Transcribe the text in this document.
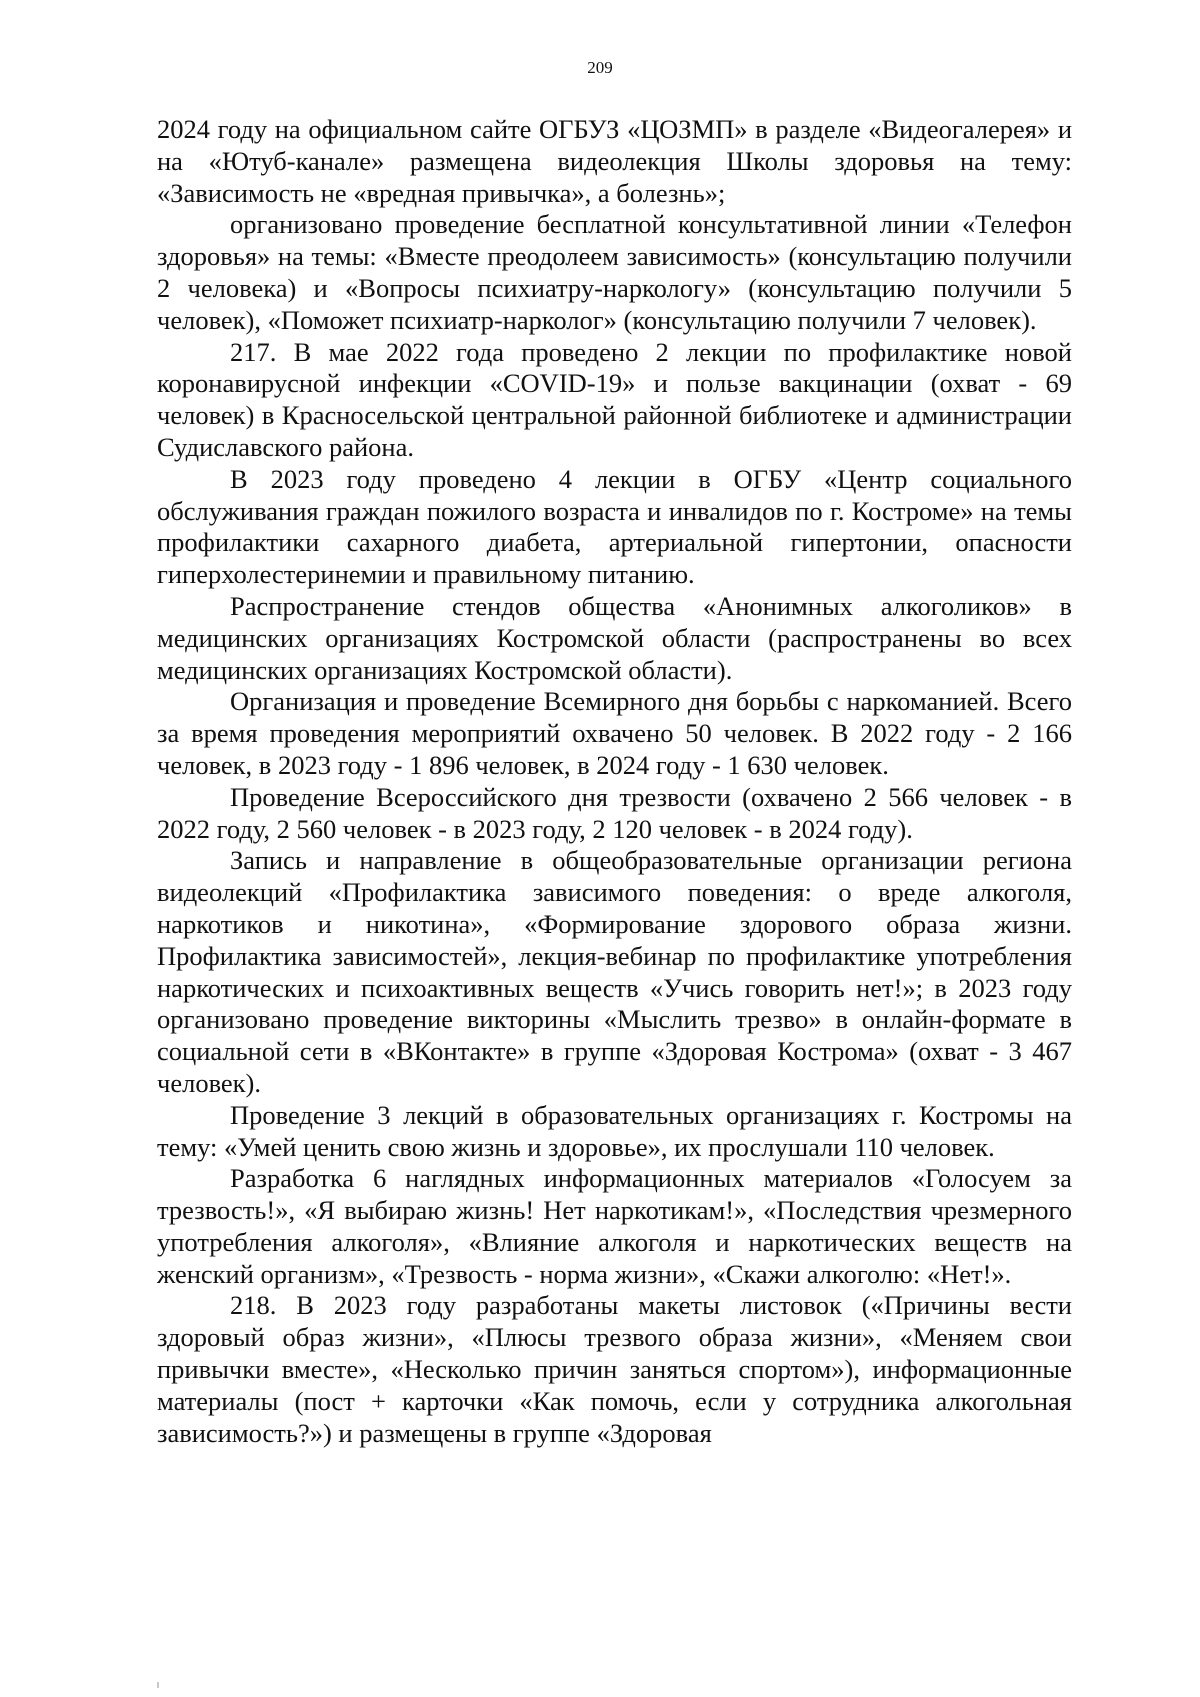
209

2024 году на официальном сайте ОГБУЗ «ЦОЗМП» в разделе «Видеогалерея» и на «Ютуб-канале» размещена видеолекция Школы здоровья на тему: «Зависимость не «вредная привычка», а болезнь»;

организовано проведение бесплатной консультативной линии «Телефон здоровья» на темы: «Вместе преодолеем зависимость» (консультацию получили 2 человека) и «Вопросы психиатру-наркологу» (консультацию получили 5 человек), «Поможет психиатр-нарколог» (консультацию получили 7 человек).

217. В мае 2022 года проведено 2 лекции по профилактике новой коронавирусной инфекции «COVID-19» и пользе вакцинации (охват - 69 человек) в Красносельской центральной районной библиотеке и администрации Судиславского района.

В 2023 году проведено 4 лекции в ОГБУ «Центр социального обслуживания граждан пожилого возраста и инвалидов по г. Костроме» на темы профилактики сахарного диабета, артериальной гипертонии, опасности гиперхолестеринемии и правильному питанию.

Распространение стендов общества «Анонимных алкоголиков» в медицинских организациях Костромской области (распространены во всех медицинских организациях Костромской области).

Организация и проведение Всемирного дня борьбы с наркоманией. Всего за время проведения мероприятий охвачено 50 человек. В 2022 году - 2 166 человек, в 2023 году - 1 896 человек, в 2024 году - 1 630 человек.

Проведение Всероссийского дня трезвости (охвачено 2 566 человек - в 2022 году, 2 560 человек - в 2023 году, 2 120 человек - в 2024 году).

Запись и направление в общеобразовательные организации региона видеолекций «Профилактика зависимого поведения: о вреде алкоголя, наркотиков и никотина», «Формирование здорового образа жизни. Профилактика зависимостей», лекция-вебинар по профилактике употребления наркотических и психоактивных веществ «Учись говорить нет!»; в 2023 году организовано проведение викторины «Мыслить трезво» в онлайн-формате в социальной сети в «ВКонтакте» в группе «Здоровая Кострома» (охват - 3 467 человек).

Проведение 3 лекций в образовательных организациях г. Костромы на тему: «Умей ценить свою жизнь и здоровье», их прослушали 110 человек.

Разработка 6 наглядных информационных материалов «Голосуем за трезвость!», «Я выбираю жизнь! Нет наркотикам!», «Последствия чрезмерного употребления алкоголя», «Влияние алкоголя и наркотических веществ на женский организм», «Трезвость - норма жизни», «Скажи алкоголю: «Нет!».

218. В 2023 году разработаны макеты листовок («Причины вести здоровый образ жизни», «Плюсы трезвого образа жизни», «Меняем свои привычки вместе», «Несколько причин заняться спортом»), информационные материалы (пост + карточки «Как помочь, если у сотрудника алкогольная зависимость?») и размещены в группе «Здоровая
